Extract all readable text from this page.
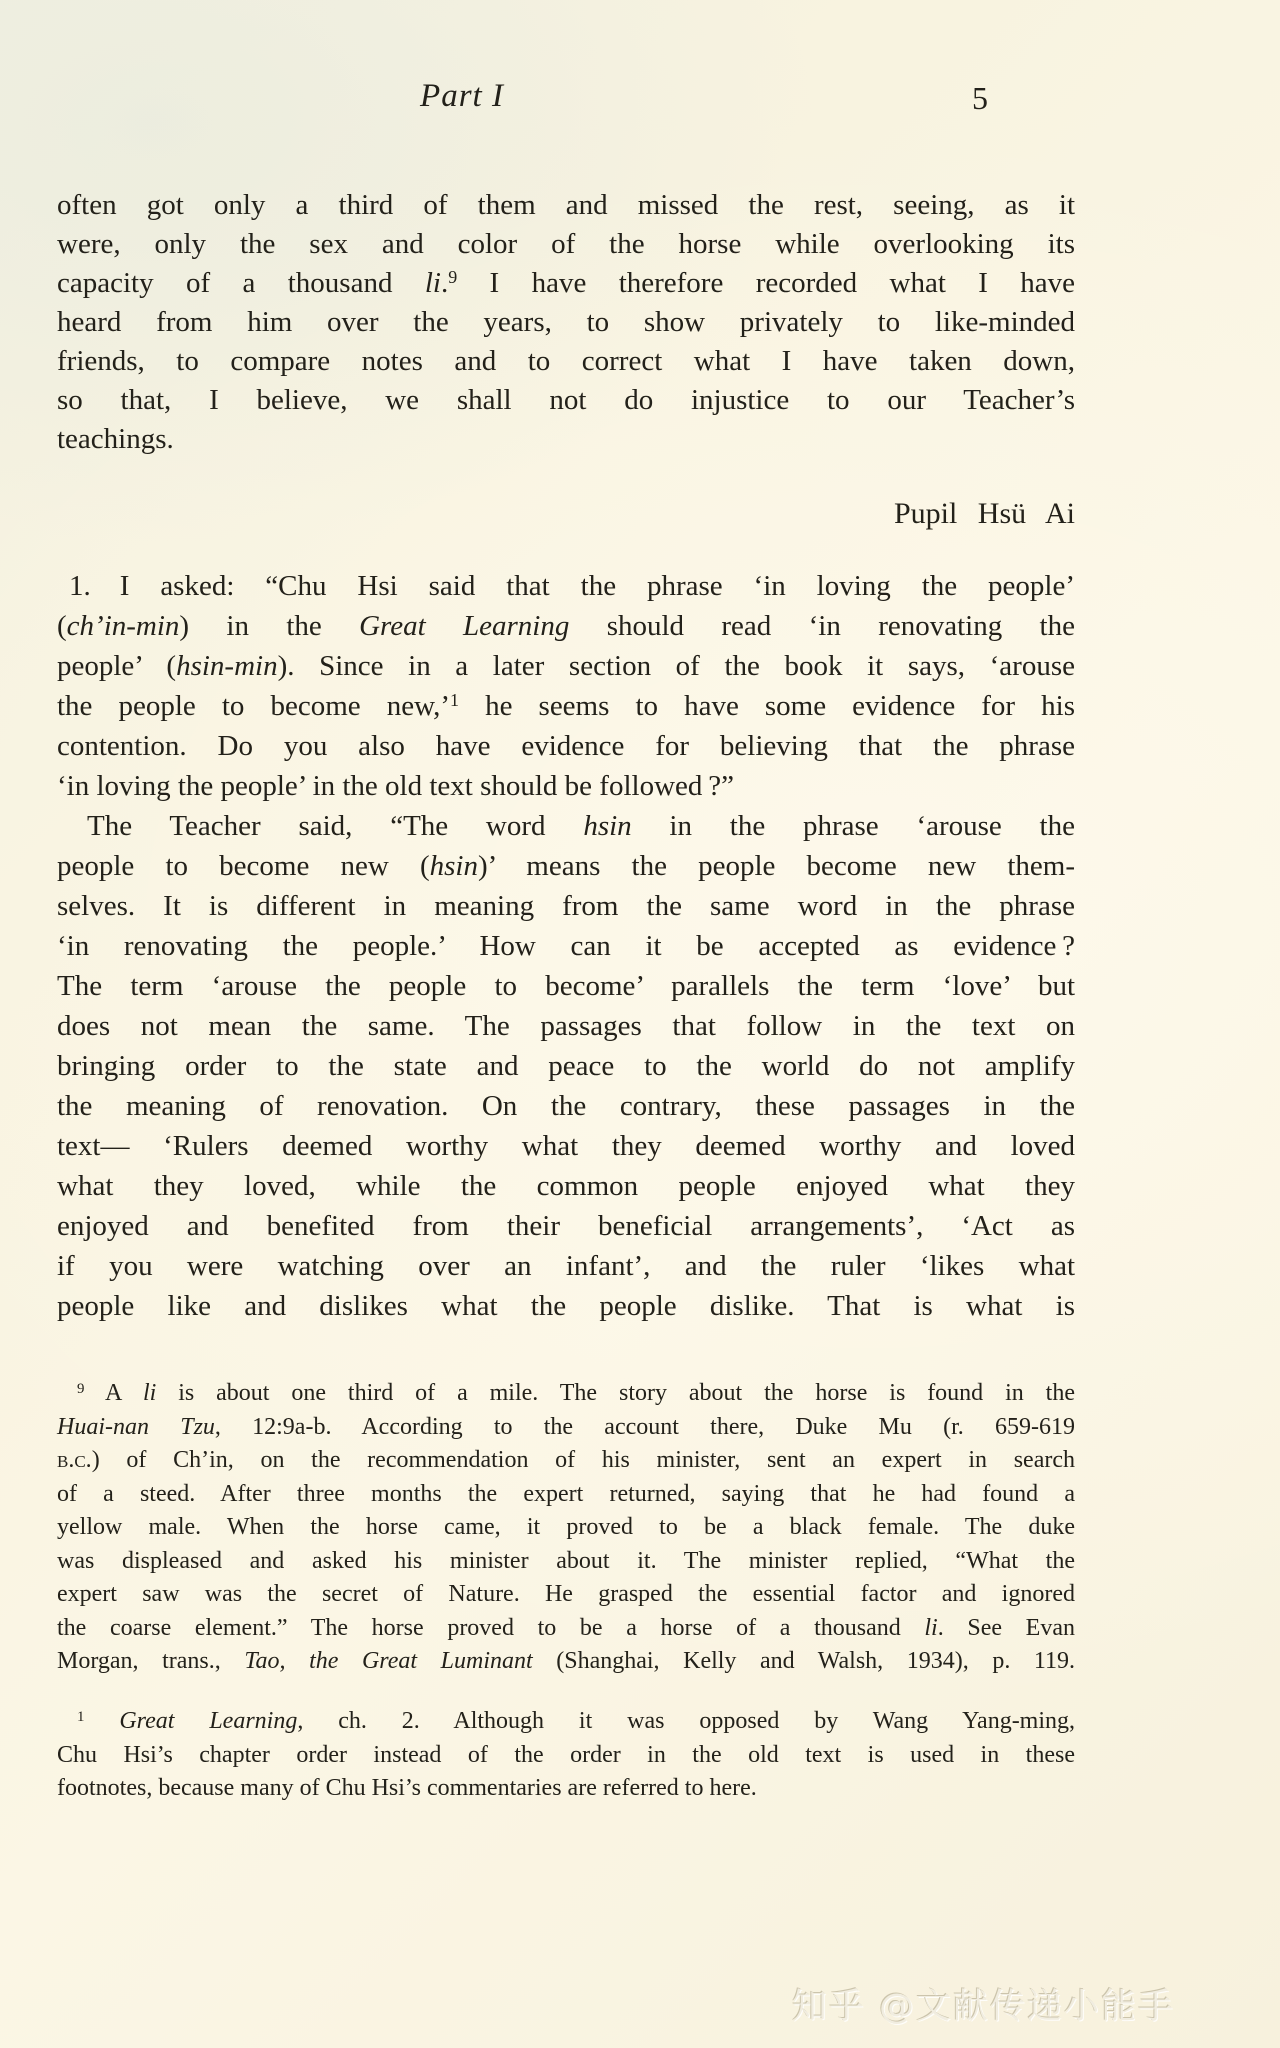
Part I	5
often got only a third of them and missed the rest, seeing, as it
were, only the sex and color of the horse while overlooking its
capacity of a thousand li.$^9$ I have therefore recorded what I have
heard from him over the years, to show privately to like-minded
friends, to compare notes and to correct what I have taken down,
so that, I believe, we shall not do injustice to our Teacher’s
teachings.
Pupil Hsü Ai
1.  I asked: “Chu Hsi said that the phrase ‘in loving the people’
(ch’in-min) in the Great Learning should read ‘in renovating the
people’ (hsin-min). Since in a later section of the book it says, ‘arouse
the people to become new,’$^1$ he seems to have some evidence for his
contention. Do you also have evidence for believing that the phrase
‘in loving the people’ in the old text should be followed ?”
The Teacher said, “The word hsin in the phrase ‘arouse the
people to become new (hsin)’ means the people become new them-
selves. It is different in meaning from the same word in the phrase
‘in renovating the people.’ How can it be accepted as evidence ?
The term ‘arouse the people to become’ parallels the term ‘love’ but
does not mean the same. The passages that follow in the text on
bringing order to the state and peace to the world do not amplify
the meaning of renovation. On the contrary, these passages in the
text— ‘Rulers deemed worthy what they deemed worthy and loved
what they loved, while the common people enjoyed what they
enjoyed and benefited from their beneficial arrangements’, ‘Act as
if you were watching over an infant’, and the ruler ‘likes what
people like and dislikes what the people dislike. That is what is
$^9$ A li is about one third of a mile. The story about the horse is found in the
Huai-nan Tzu, 12:9a-b. According to the account there, Duke Mu (r. 659-619
b.c.) of Ch’in, on the recommendation of his minister, sent an expert in search
of a steed. After three months the expert returned, saying that he had found a
yellow male. When the horse came, it proved to be a black female. The duke
was displeased and asked his minister about it. The minister replied, “What the
expert saw was the secret of Nature. He grasped the essential factor and ignored
the coarse element.” The horse proved to be a horse of a thousand li. See Evan
Morgan, trans., Tao, the Great Luminant (Shanghai, Kelly and Walsh, 1934), p. 119.
$^1$ Great Learning, ch. 2. Although it was opposed by Wang Yang-ming,
Chu Hsi’s chapter order instead of the order in the old text is used in these
footnotes, because many of Chu Hsi’s commentaries are referred to here.
知乎 @文献传递小能手
